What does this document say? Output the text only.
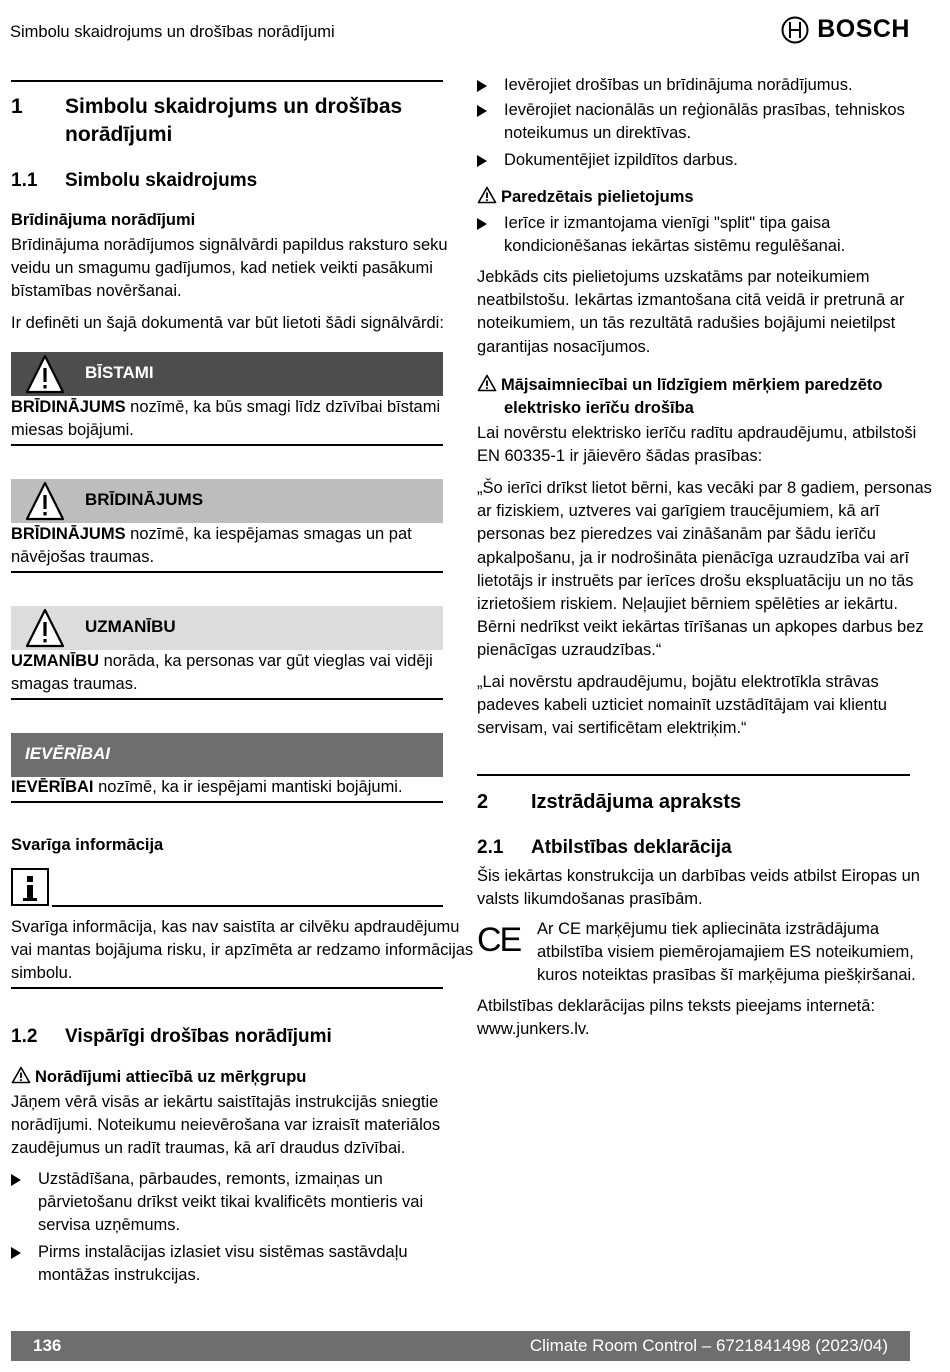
Simbolu skaidrojums un drošības norādījumi	BOSCH
1 Simbolu skaidrojums un drošības
norādījumi
1.1 Simbolu skaidrojums
Brīdinājuma norādījumi

Brīdinājuma norādījumos signālvārdi papildus raksturo seku

veidu un smagumu gadījumos, kad netiek veikti pasākumi

bīstamības novēršanai.

Ir definēti un šajā dokumentā var būt lietoti šādi signālvārdi:
BĪSTAMI

BRĪDINĀJUMS nozīmē, ka būs smagi līdz dzīvībai bīstami

miesas bojājumi.

BRĪDINĀJUMS

BRĪDINĀJUMS nozīmē, ka iespējamas smagas un pat

nāvējošas traumas.

UZMANĪBU

UZMANĪBU norāda, ka personas var gūt vieglas vai vidēji

smagas traumas.

IEVĒRĪBAI

IEVĒRĪBAI nozīmē, ka ir iespējami mantiski bojājumi.

Svarīga informācija

Svarīga informācija, kas nav saistīta ar cilvēku apdraudējumu

vai mantas bojājuma risku, ir apzīmēta ar redzamo informācijas

simbolu.

1.2 Vispārīgi drošības norādījumi
Norādījumi attiecībā uz mērķgrupu

Jāņem vērā visās ar iekārtu saistītajās instrukcijās sniegtie

norādījumi. Noteikumu neievērošana var izraisīt materiālos

zaudējumus un radīt traumas, kā arī draudus dzīvībai.

Uzstādīšana, pārbaudes, remonts, izmaiņas un

pārvietošanu drīkst veikt tikai kvalificēts montieris vai

servisa uzņēmums.

Pirms instalācijas izlasiet visu sistēmas sastāvdaļu

montāžas instrukcijas.

Ievērojiet drošības un brīdinājuma norādījumus.

Ievērojiet nacionālās un reģionālās prasības, tehniskos

noteikumus un direktīvas.

Dokumentējiet izpildītos darbus.

Paredzētais pielietojums

Ierīce ir izmantojama vienīgi "split" tipa gaisa

kondicionēšanas iekārtas sistēmu regulēšanai.

Jebkāds cits pielietojums uzskatāms par noteikumiem

neatbilstošu. Iekārtas izmantošana citā veidā ir pretrunā ar

noteikumiem, un tās rezultātā radušies bojājumi neietilpst

garantijas nosacījumos.

Mājsaimniecībai un līdzīgiem mērķiem paredzēto
elektrisko ierīču drošība

Lai novērstu elektrisko ierīču radītu apdraudējumu, atbilstoši

EN 60335-1 ir jāievēro šādas prasības:

„Šo ierīci drīkst lietot bērni, kas vecāki par 8 gadiem, personas

ar fiziskiem, uztveres vai garīgiem traucējumiem, kā arī

personas bez pieredzes vai zināšanām par šādu ierīču

apkalpošanu, ja ir nodrošināta pienācīga uzraudzība vai arī

lietotājs ir instruēts par ierīces drošu ekspluatāciju un no tās

izrietošiem riskiem. Neļaujiet bērniem spēlēties ar iekārtu.

Bērni nedrīkst veikt iekārtas tīrīšanas un apkopes darbus bez

pienācīgas uzraudzības.“

„Lai novērstu apdraudējumu, bojātu elektrotīkla strāvas

padeves kabeli uzticiet nomainīt uzstādītājam vai klientu

servisam, vai sertificētam elektriķim.“

2 Izstrādājuma apraksts
2.1 Atbilstības deklarācija

Šis iekārtas konstrukcija un darbības veids atbilst Eiropas un

valsts likumdošanas prasībām.

CE Ar CE marķējumu tiek apliecināta izstrādājuma

atbilstība visiem piemērojamajiem ES noteikumiem,

kuros noteiktas prasības šī marķējuma piešķiršanai.

Atbilstības deklarācijas pilns teksts pieejams internetā:

www.junkers.lv.

136	Climate Room Control – 6721841498 (2023/04)
